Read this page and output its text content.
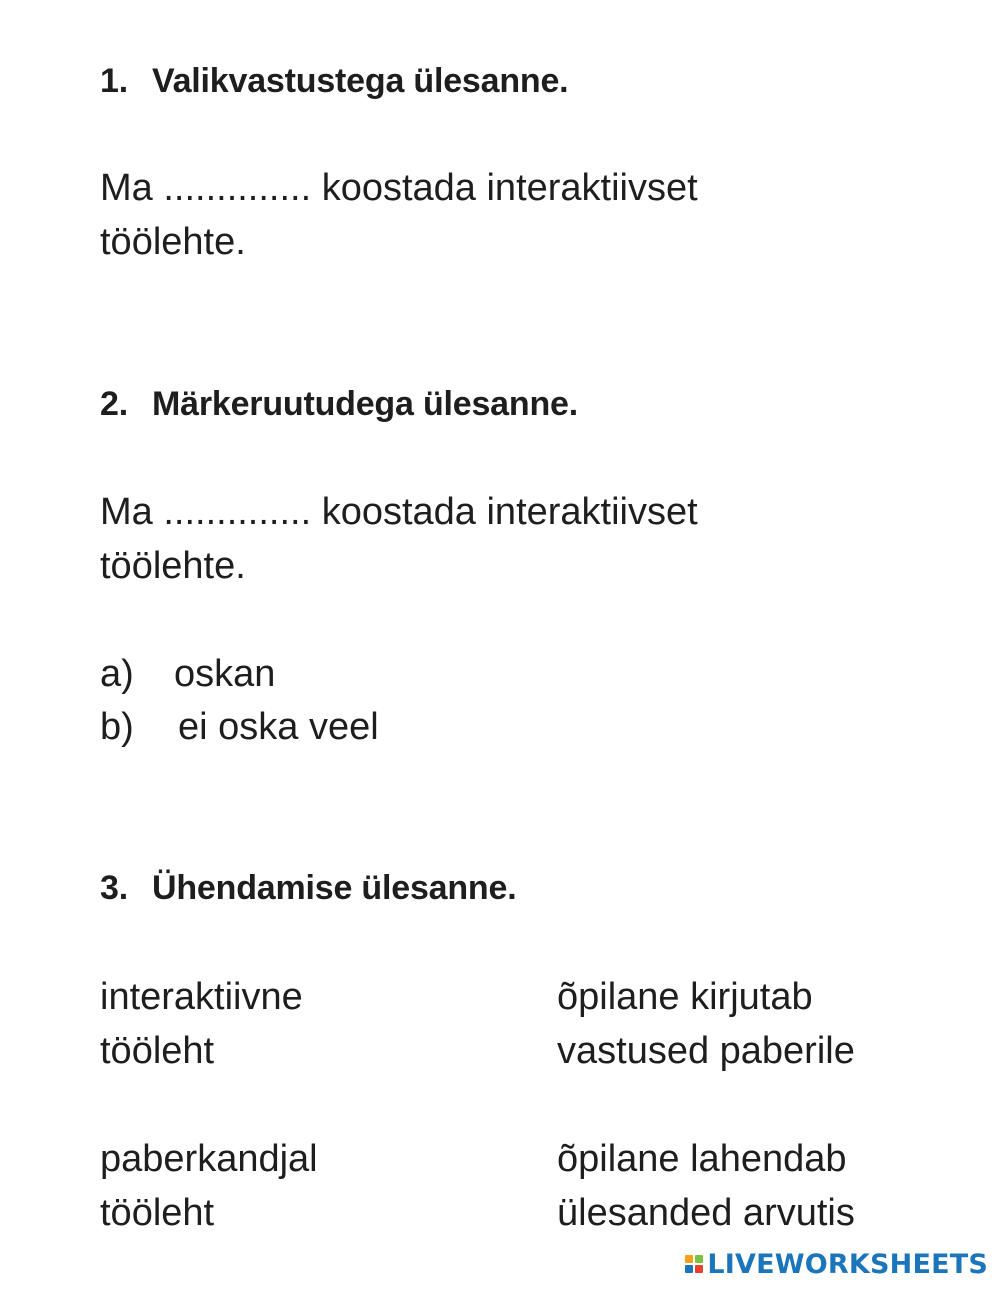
1. Valikvastustega ülesanne.

Ma .............. koostada interaktiivset
töölehte.

2. Märkeruutudega ülesanne.

Ma .............. koostada interaktiivset
töölehte.

a) oskan
b) ei oska veel
3. Ühendamise ülesanne.

interaktiivne
tööleht

õpilane kirjutab
vastused paberile

paberkandjal
tööleht

õpilane lahendab
ülesanded arvutis

LIVEWORKSHEETS
